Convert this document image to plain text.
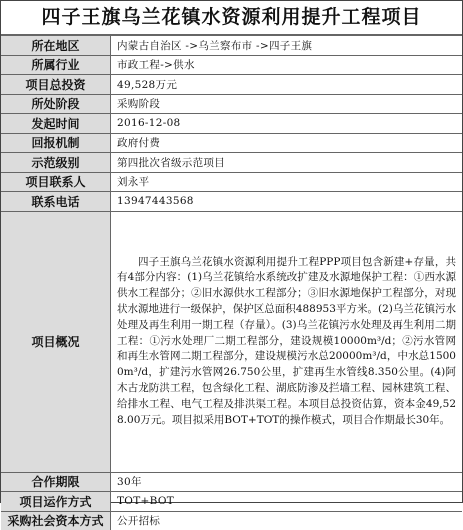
四子王旗乌兰花镇水资源利用提升工程项目
所在地区	内蒙古自治区 ->乌兰察布市 ->四子王旗
所属行业	市政工程->供水
项目总投资	49,528万元
所处阶段	采购阶段
发起时间	2016-12-08
回报机制	政府付费
示范级别	第四批次省级示范项目
项目联系人	刘永平
联系电话	13947443568
项目概况	四子王旗乌兰花镇水资源利用提升工程PPP项目包含新建+存量，共有4部分内容：(1)乌兰花镇给水系统改扩建及水源地保护工程：①西水源供水工程部分；②旧水源供水工程部分；③旧水源地保护工程部分，对现状水源地进行一级保护，保护区总面积488953平方米。(2)乌兰花镇污水处理及再生利用一期工程（存量）。(3)乌兰花镇污水处理及再生利用二期工程：①污水处理厂二期工程部分，建设规模10000m³/d；②污水管网和再生水管网二期工程部分，建设规模污水总20000m³/d，中水总15000m³/d，扩建污水管网26.750公里，扩建再生水管线8.350公里。(4)阿木古龙防洪工程，包含绿化工程、湖底防渗及拦墙工程、园林建筑工程、给排水工程、电气工程及排洪渠工程。本项目总投资估算，资本金49,528.00万元。项目拟采用BOT+TOT的操作模式，项目合作期最长30年。

合作期限	30年
项目运作方式	TOT+BOT
采购社会资本方式	公开招标
